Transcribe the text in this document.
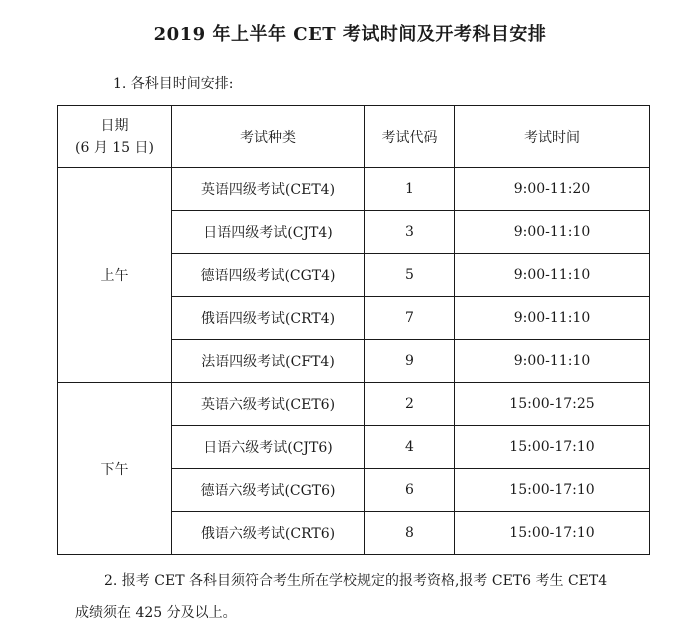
2019 年上半年 CET 考试时间及开考科目安排
1. 各科目时间安排:
日期
(6 月 15 日)	考试种类	考试代码	考试时间
上午	英语四级考试(CET4)	1	9:00-11:20
	日语四级考试(CJT4)	3	9:00-11:10
	德语四级考试(CGT4)	5	9:00-11:10
	俄语四级考试(CRT4)	7	9:00-11:10
	法语四级考试(CFT4)	9	9:00-11:10
下午	英语六级考试(CET6)	2	15:00-17:25
	日语六级考试(CJT6)	4	15:00-17:10
	德语六级考试(CGT6)	6	15:00-17:10
	俄语六级考试(CRT6)	8	15:00-17:10
2. 报考 CET 各科目须符合考生所在学校规定的报考资格,报考 CET6 考生 CET4
成绩须在 425 分及以上。
